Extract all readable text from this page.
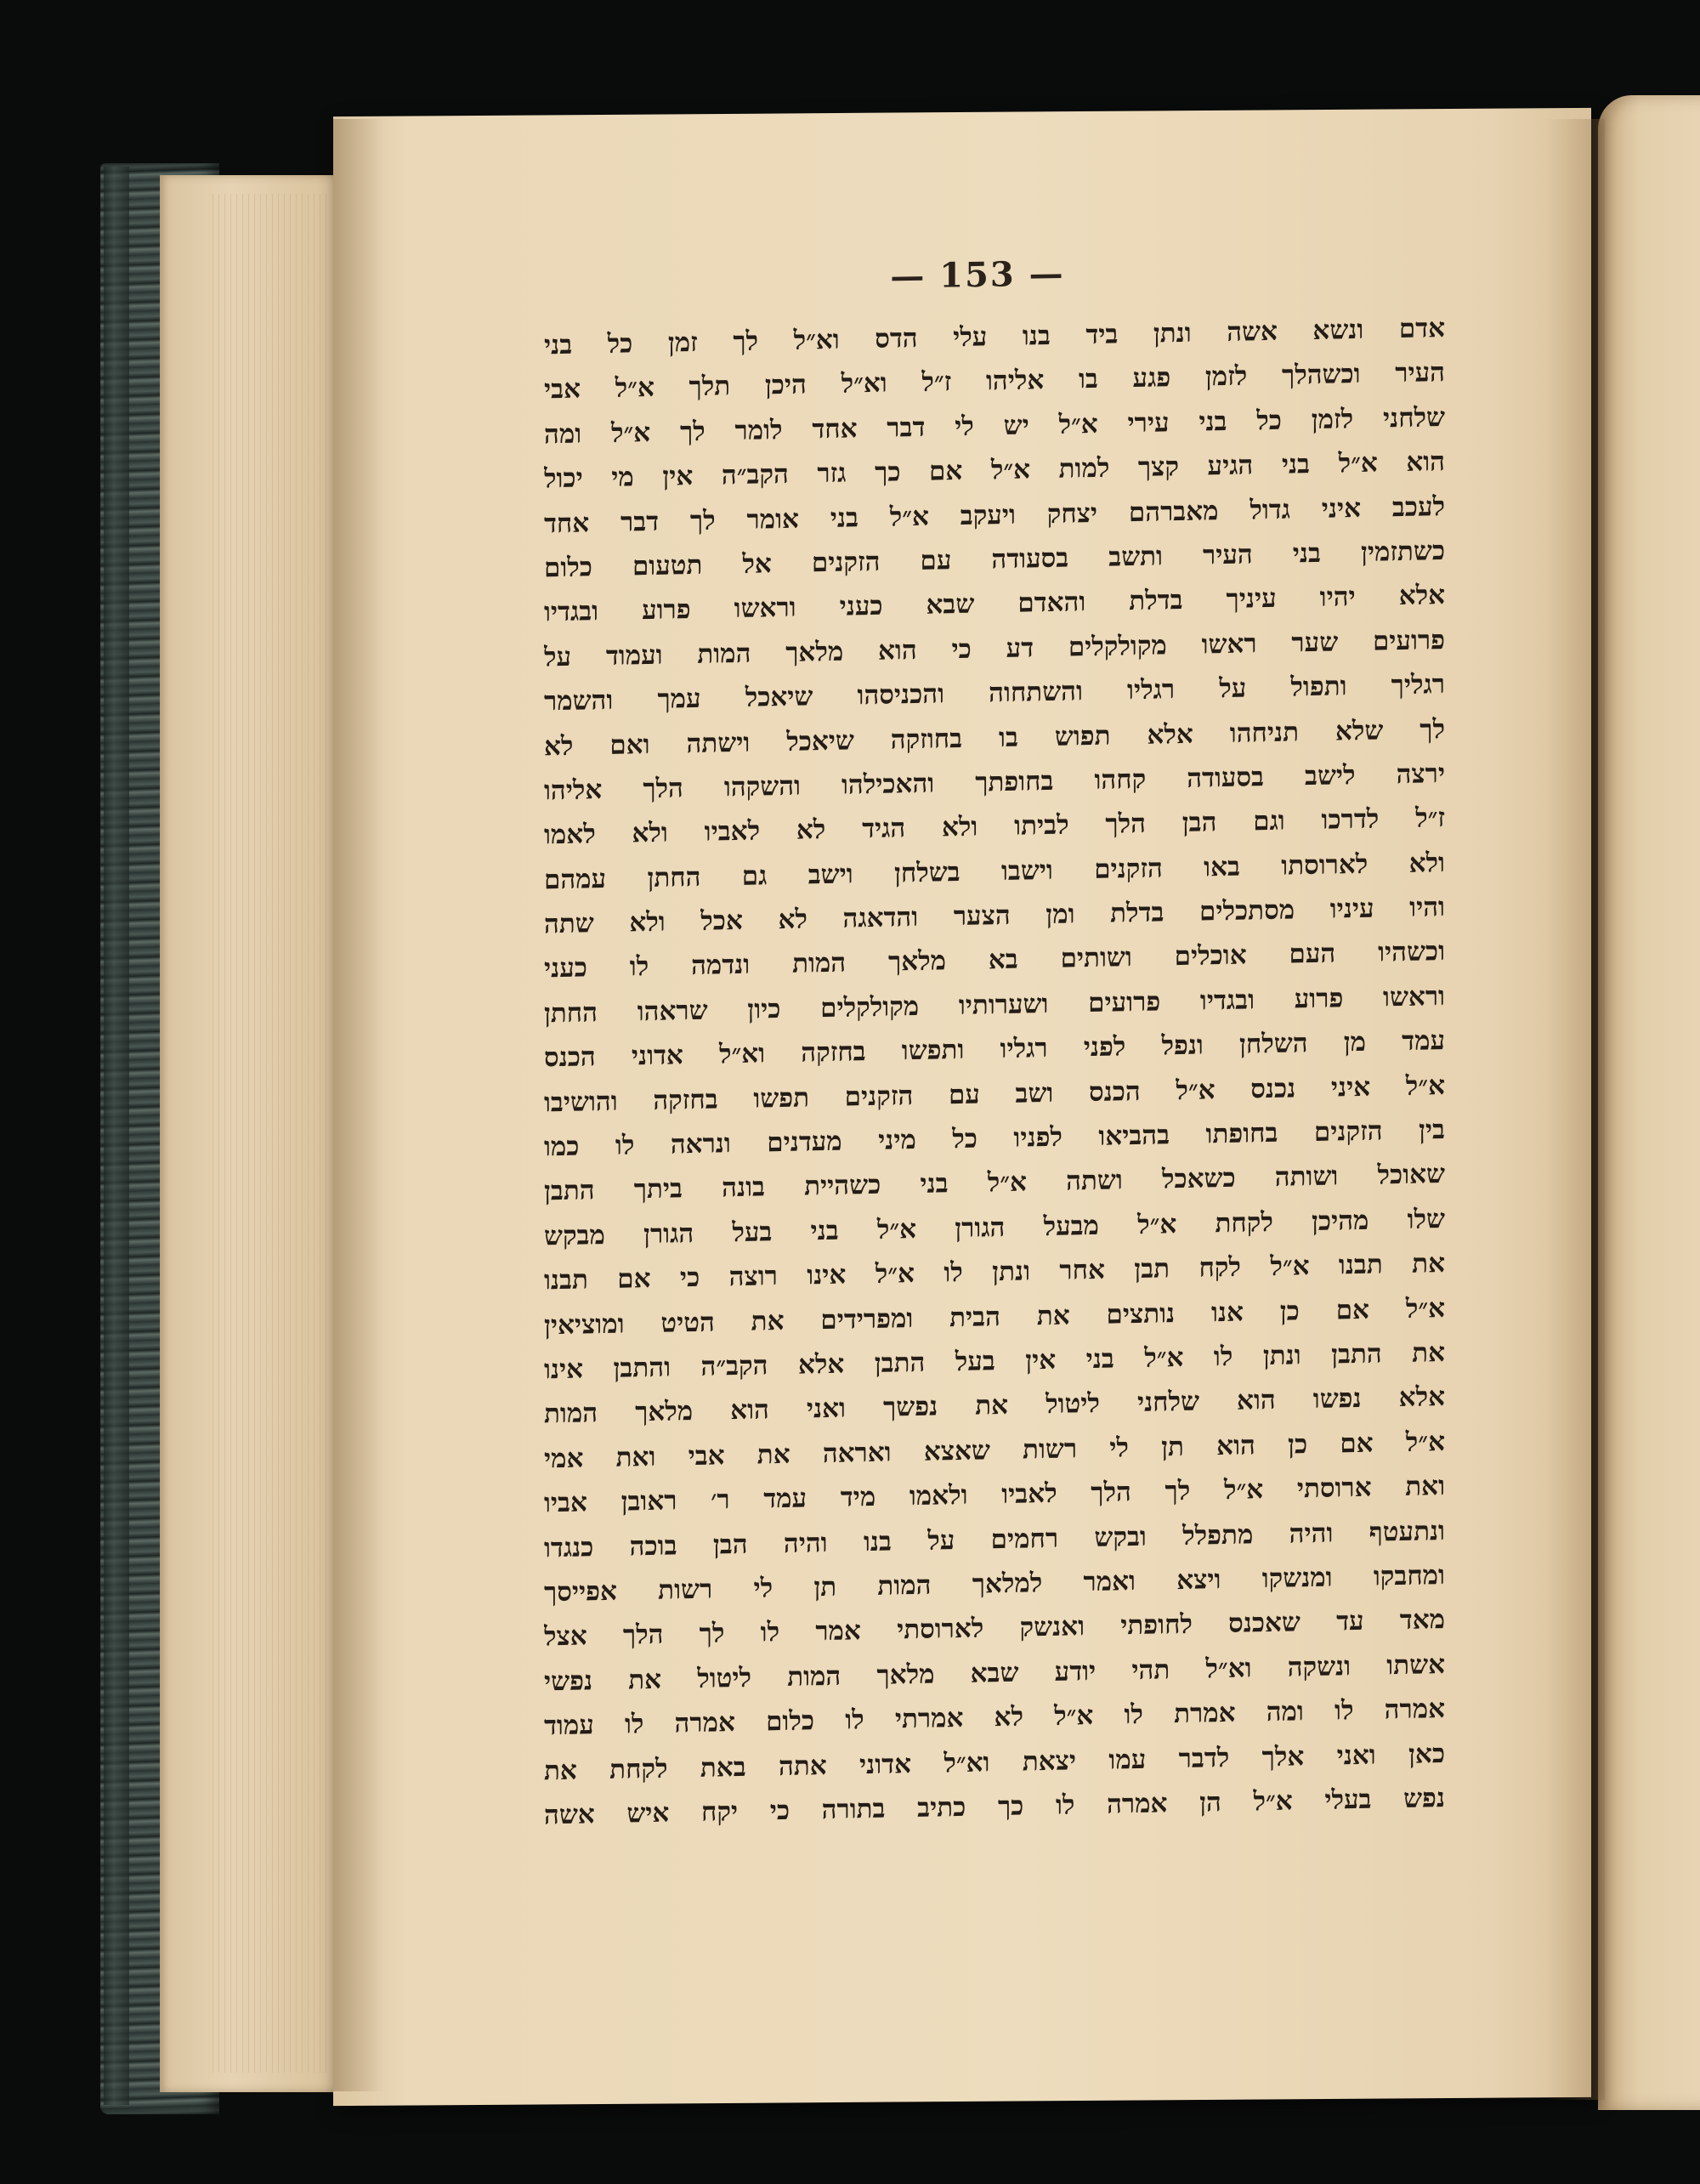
— 153 —
אדם ונשא אשה ונתן ביד בנו עלי הדס וא״ל לך זמן כל בני
העיר וכשהלך לזמן פגע בו אליהו ז״ל וא״ל היכן תלך א״ל אבי
שלחני לזמן כל בני עירי א״ל יש לי דבר אחד לומר לך א״ל ומה
הוא א״ל בני הגיע קצך למות א״ל אם כך גזר הקב״ה אין מי יכול
לעכב איני גדול מאברהם יצחק ויעקב א״ל בני אומר לך דבר אחד
כשתזמין בני העיר ותשב בסעודה עם הזקנים אל תטעום כלום
אלא יהיו עיניך בדלת והאדם שבא כעני וראשו פרוע ובגדיו
פרועים שער ראשו מקולקלים דע כי הוא מלאך המות ועמוד על
רגליך ותפול על רגליו והשתחוה והכניסהו שיאכל עמך והשמר
לך שלא תניחהו אלא תפוש בו בחוזקה שיאכל וישתה ואם לא
ירצה לישב בסעודה קחהו בחופתך והאכילהו והשקהו הלך אליהו
ז״ל לדרכו וגם הבן הלך לביתו ולא הגיד לא לאביו ולא לאמו
ולא לארוסתו באו הזקנים וישבו בשלחן וישב גם החתן עמהם
והיו עיניו מסתכלים בדלת ומן הצער והדאגה לא אכל ולא שתה
וכשהיו העם אוכלים ושותים בא מלאך המות ונדמה לו כעני
וראשו פרוע ובגדיו פרועים ושערותיו מקולקלים כיון שראהו החתן
עמד מן השלחן ונפל לפני רגליו ותפשו בחזקה וא״ל אדוני הכנס
א״ל איני נכנס א״ל הכנס ושב עם הזקנים תפשו בחזקה והושיבו
בין הזקנים בחופתו בהביאו לפניו כל מיני מעדנים ונראה לו כמו
שאוכל ושותה כשאכל ושתה א״ל בני כשהיית בונה ביתך התבן
שלו מהיכן לקחת א״ל מבעל הגורן א״ל בני בעל הגורן מבקש
את תבנו א״ל לקח תבן אחר ונתן לו א״ל אינו רוצה כי אם תבנו
א״ל אם כן אנו נותצים את הבית ומפרידים את הטיט ומוציאין
את התבן ונתן לו א״ל בני אין בעל התבן אלא הקב״ה והתבן אינו
אלא נפשו הוא שלחני ליטול את נפשך ואני הוא מלאך המות
א״ל אם כן הוא תן לי רשות שאצא ואראה את אבי ואת אמי
ואת ארוסתי א״ל לך הלך לאביו ולאמו מיד עמד ר׳ ראובן אביו
ונתעטף והיה מתפלל ובקש רחמים על בנו והיה הבן בוכה כנגדו
ומחבקו ומנשקו ויצא ואמר למלאך המות תן לי רשות אפייסך
מאד עד שאכנס לחופתי ואנשק לארוסתי אמר לו לך הלך אצל
אשתו ונשקה וא״ל תהי יודע שבא מלאך המות ליטול את נפשי
אמרה לו ומה אמרת לו א״ל לא אמרתי לו כלום אמרה לו עמוד
כאן ואני אלך לדבר עמו יצאת וא״ל אדוני אתה באת לקחת את
נפש בעלי א״ל הן אמרה לו כך כתיב בתורה כי יקח איש אשה
